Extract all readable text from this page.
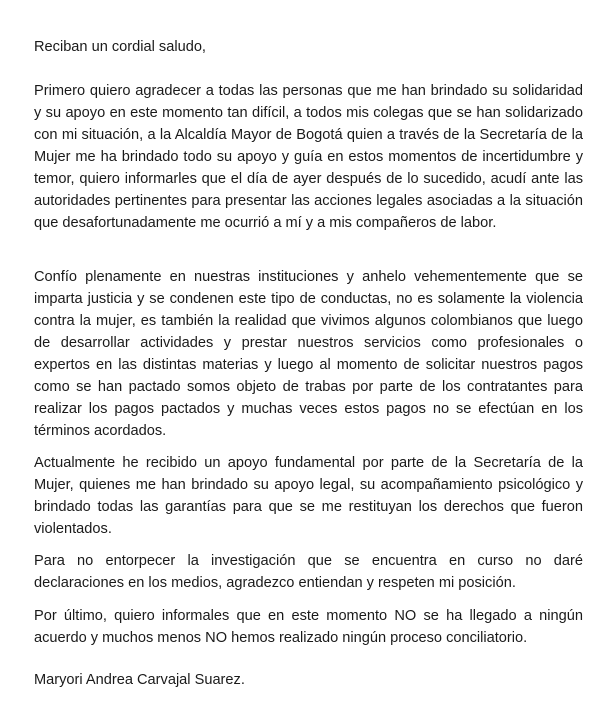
Reciban un cordial saludo,

Primero quiero agradecer a todas las personas que me han brindado su solidaridad y su apoyo en este momento tan difícil, a todos mis colegas que se han solidarizado con mi situación, a la Alcaldía Mayor de Bogotá quien a través de la Secretaría de la Mujer me ha brindado todo su apoyo y guía en estos momentos de incertidumbre y temor, quiero informarles que el día de ayer después de lo sucedido, acudí ante las autoridades pertinentes para presentar las acciones legales asociadas a la situación que desafortunadamente me ocurrió a mí y a mis compañeros de labor.

Confío plenamente en nuestras instituciones y anhelo vehementemente que se imparta justicia y se condenen este tipo de conductas, no es solamente la violencia contra la mujer, es también la realidad que vivimos algunos colombianos que luego de desarrollar actividades y prestar nuestros servicios como profesionales o expertos en las distintas materias y luego al momento de solicitar nuestros pagos como se han pactado somos objeto de trabas por parte de los contratantes para realizar los pagos pactados y muchas veces estos pagos no se efectúan en los términos acordados.

Actualmente he recibido un apoyo fundamental por parte de la Secretaría de la Mujer, quienes me han brindado su apoyo legal, su acompañamiento psicológico y brindado todas las garantías para que se me restituyan los derechos que fueron violentados.

Para no entorpecer la investigación que se encuentra en curso no daré declaraciones en los medios, agradezco entiendan y respeten mi posición.

Por último, quiero informales que en este momento NO se ha llegado a ningún acuerdo y muchos menos NO hemos realizado ningún proceso conciliatorio.

Maryori Andrea Carvajal Suarez.
